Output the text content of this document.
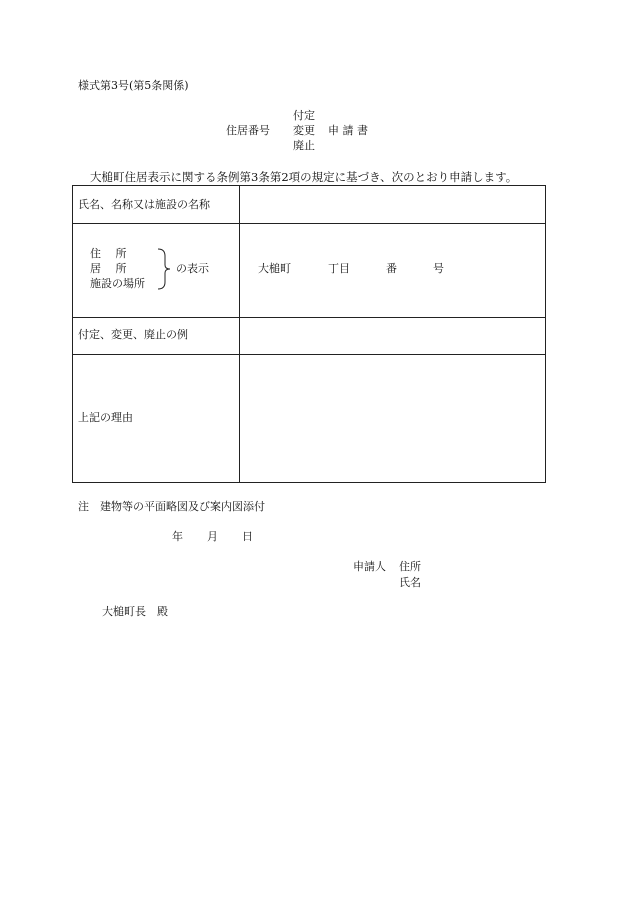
様式第3号(第5条関係)
住居番号
付定
変更
廃止
申 請 書
大槌町住居表示に関する条例第3条第2項の規定に基づき、次のとおり申請します。
氏名、名称又は施設の名称
住　 所
居　 所
施設の場所
の表示	大槌町	丁目	番	号
付定、変更、廃止の例
上記の理由
注　建物等の平面略図及び案内図添付
年 月 日
申請人 住所
氏名
大槌町長　殿
